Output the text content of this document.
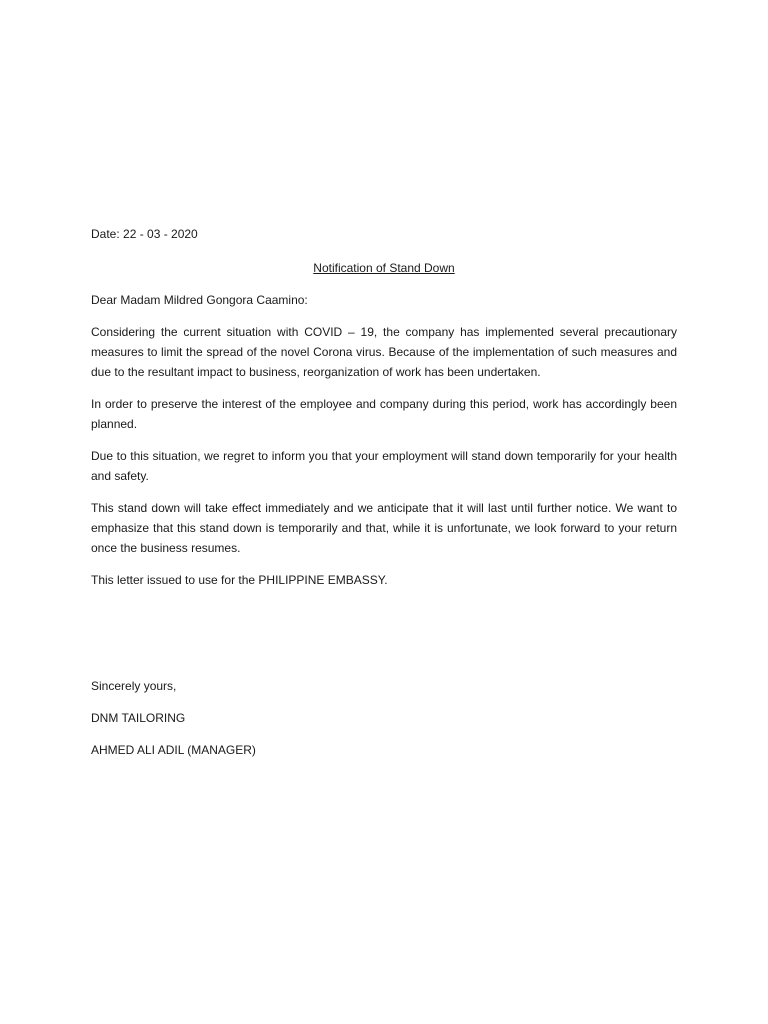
Date: 22 - 03 - 2020

Notification of Stand Down

Dear Madam Mildred Gongora Caamino:

Considering the current situation with COVID – 19, the company has implemented several precautionary measures to limit the spread of the novel Corona virus. Because of the implementation of such measures and due to the resultant impact to business, reorganization of work has been undertaken.

In order to preserve the interest of the employee and company during this period, work has accordingly been planned.

Due to this situation, we regret to inform you that your employment will stand down temporarily for your health and safety.

This stand down will take effect immediately and we anticipate that it will last until further notice. We want to emphasize that this stand down is temporarily and that, while it is unfortunate, we look forward to your return once the business resumes.

This letter issued to use for the PHILIPPINE EMBASSY.

Sincerely yours,

DNM TAILORING

AHMED ALI ADIL (MANAGER)
